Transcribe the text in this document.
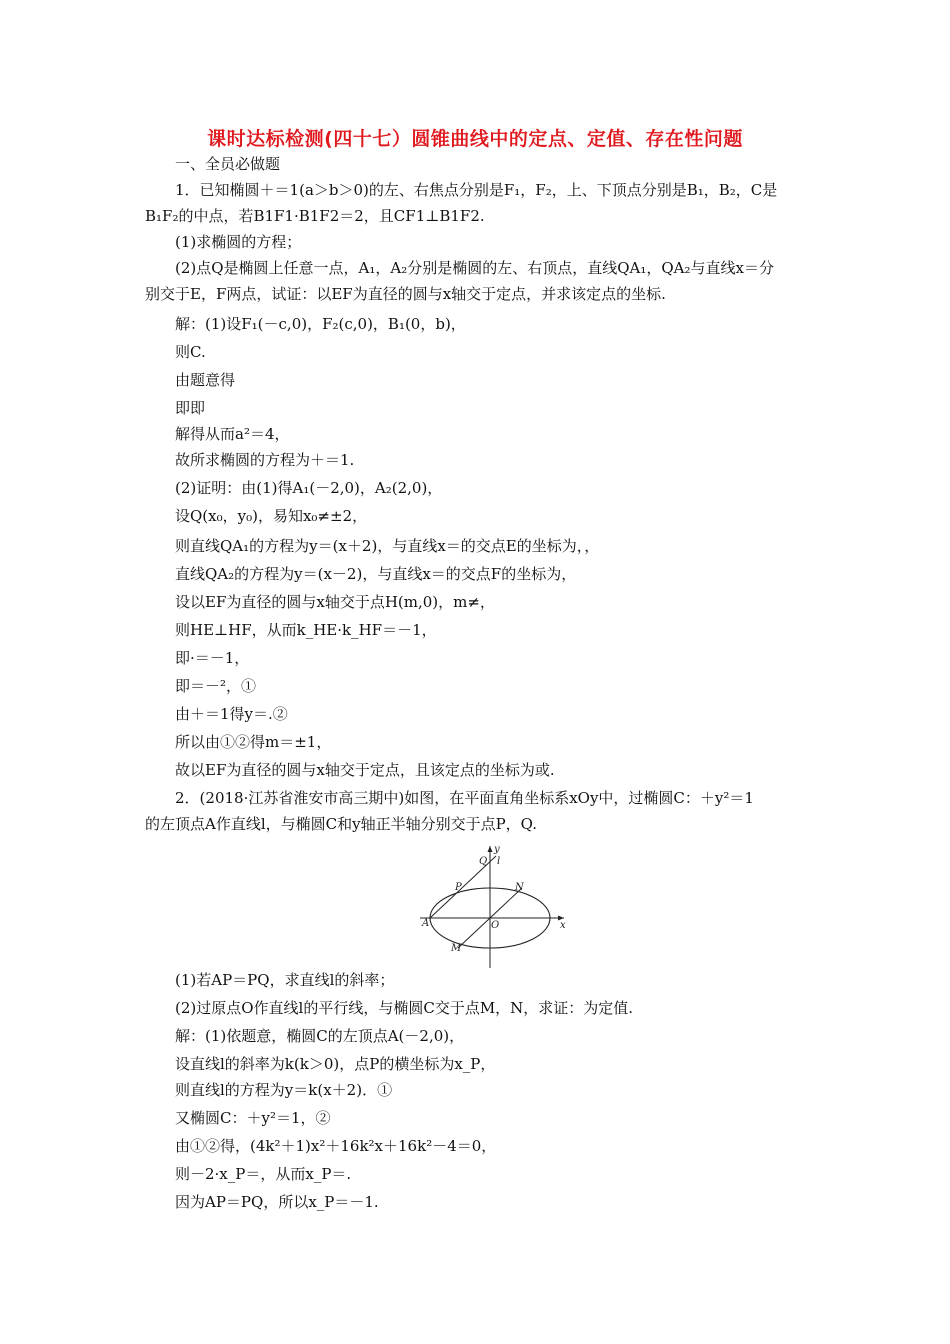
课时达标检测(四十七）圆锥曲线中的定点、定值、存在性问题
一、全员必做题
1．已知椭圆＋＝1(a＞b＞0)的左、右焦点分别是F₁，F₂，上、下顶点分别是B₁，B₂，C是
B₁F₂的中点，若B1F1·B1F2＝2，且CF1⊥B1F2.
(1)求椭圆的方程；
(2)点Q是椭圆上任意一点，A₁，A₂分别是椭圆的左、右顶点，直线QA₁，QA₂与直线x＝分
别交于E，F两点，试证：以EF为直径的圆与x轴交于定点，并求该定点的坐标.
解：(1)设F₁(－c,0)，F₂(c,0)，B₁(0，b)，
则C.
由题意得
即即
解得从而a²＝4，
故所求椭圆的方程为＋＝1.
(2)证明：由(1)得A₁(－2,0)，A₂(2,0)，
设Q(x₀，y₀)，易知x₀≠±2，
则直线QA₁的方程为y＝(x＋2)，与直线x＝的交点E的坐标为，，
直线QA₂的方程为y＝(x－2)，与直线x＝的交点F的坐标为，
设以EF为直径的圆与x轴交于点H(m,0)，m≠，
则HE⊥HF，从而k_HE·k_HF＝－1，
即·＝－1，
即＝－²，①
由＋＝1得y＝.②
所以由①②得m＝±1，
故以EF为直径的圆与x轴交于定点，且该定点的坐标为或.
2．(2018·江苏省淮安市高三期中)如图，在平面直角坐标系xOy中，过椭圆C：＋y²＝1
的左顶点A作直线l，与椭圆C和y轴正半轴分别交于点P，Q.
y
x
Q l
P	N
A	O
M
(1)若AP＝PQ，求直线l的斜率；
(2)过原点O作直线l的平行线，与椭圆C交于点M，N，求证：为定值.
解：(1)依题意，椭圆C的左顶点A(－2,0)，
设直线l的斜率为k(k＞0)，点P的横坐标为x_P，
则直线l的方程为y＝k(x＋2)．①
又椭圆C：＋y²＝1，②
由①②得，(4k²＋1)x²＋16k²x＋16k²－4＝0，
则－2·x_P＝，从而x_P＝.
因为AP＝PQ，所以x_P＝－1.
